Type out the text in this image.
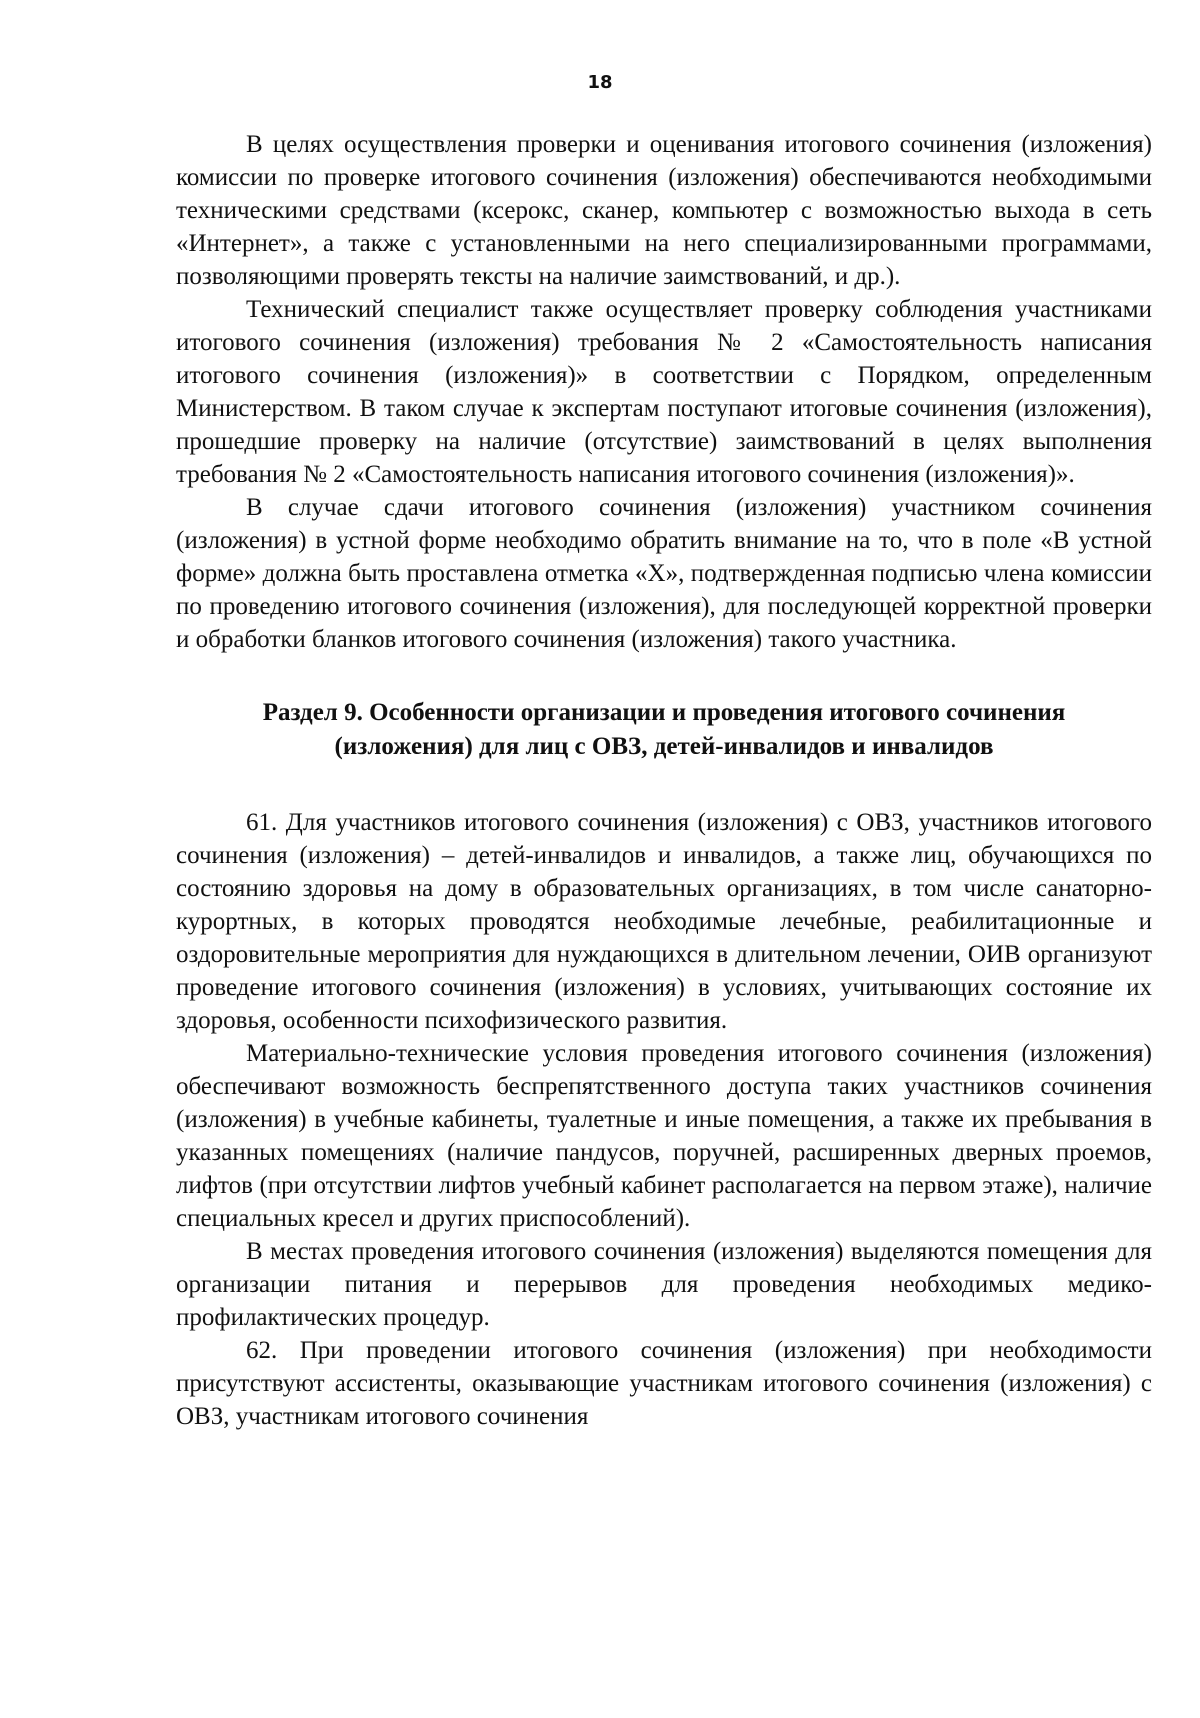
18

В целях осуществления проверки и оценивания итогового сочинения (изложения) комиссии по проверке итогового сочинения (изложения) обеспечиваются необходимыми техническими средствами (ксерокс, сканер, компьютер с возможностью выхода в сеть «Интернет», а также с установленными на него специализированными программами, позволяющими проверять тексты на наличие заимствований, и др.).

Технический специалист также осуществляет проверку соблюдения участниками итогового сочинения (изложения) требования № 2 «Самостоятельность написания итогового сочинения (изложения)» в соответствии с Порядком, определенным Министерством. В таком случае к экспертам поступают итоговые сочинения (изложения), прошедшие проверку на наличие (отсутствие) заимствований в целях выполнения требования № 2 «Самостоятельность написания итогового сочинения (изложения)».

В случае сдачи итогового сочинения (изложения) участником сочинения (изложения) в устной форме необходимо обратить внимание на то, что в поле «В устной форме» должна быть проставлена отметка «Х», подтвержденная подписью члена комиссии по проведению итогового сочинения (изложения), для последующей корректной проверки и обработки бланков итогового сочинения (изложения) такого участника.

Раздел 9. Особенности организации и проведения итогового сочинения
(изложения) для лиц с ОВЗ, детей-инвалидов и инвалидов

61. Для участников итогового сочинения (изложения) с ОВЗ, участников итогового сочинения (изложения) – детей-инвалидов и инвалидов, а также лиц, обучающихся по состоянию здоровья на дому в образовательных организациях, в том числе санаторно-курортных, в которых проводятся необходимые лечебные, реабилитационные и оздоровительные мероприятия для нуждающихся в длительном лечении, ОИВ организуют проведение итогового сочинения (изложения) в условиях, учитывающих состояние их здоровья, особенности психофизического развития.

Материально-технические условия проведения итогового сочинения (изложения) обеспечивают возможность беспрепятственного доступа таких участников сочинения (изложения) в учебные кабинеты, туалетные и иные помещения, а также их пребывания в указанных помещениях (наличие пандусов, поручней, расширенных дверных проемов, лифтов (при отсутствии лифтов учебный кабинет располагается на первом этаже), наличие специальных кресел и других приспособлений).

В местах проведения итогового сочинения (изложения) выделяются помещения для организации питания и перерывов для проведения необходимых медико-профилактических процедур.

62. При проведении итогового сочинения (изложения) при необходимости присутствуют ассистенты, оказывающие участникам итогового сочинения (изложения) с ОВЗ, участникам итогового сочинения
